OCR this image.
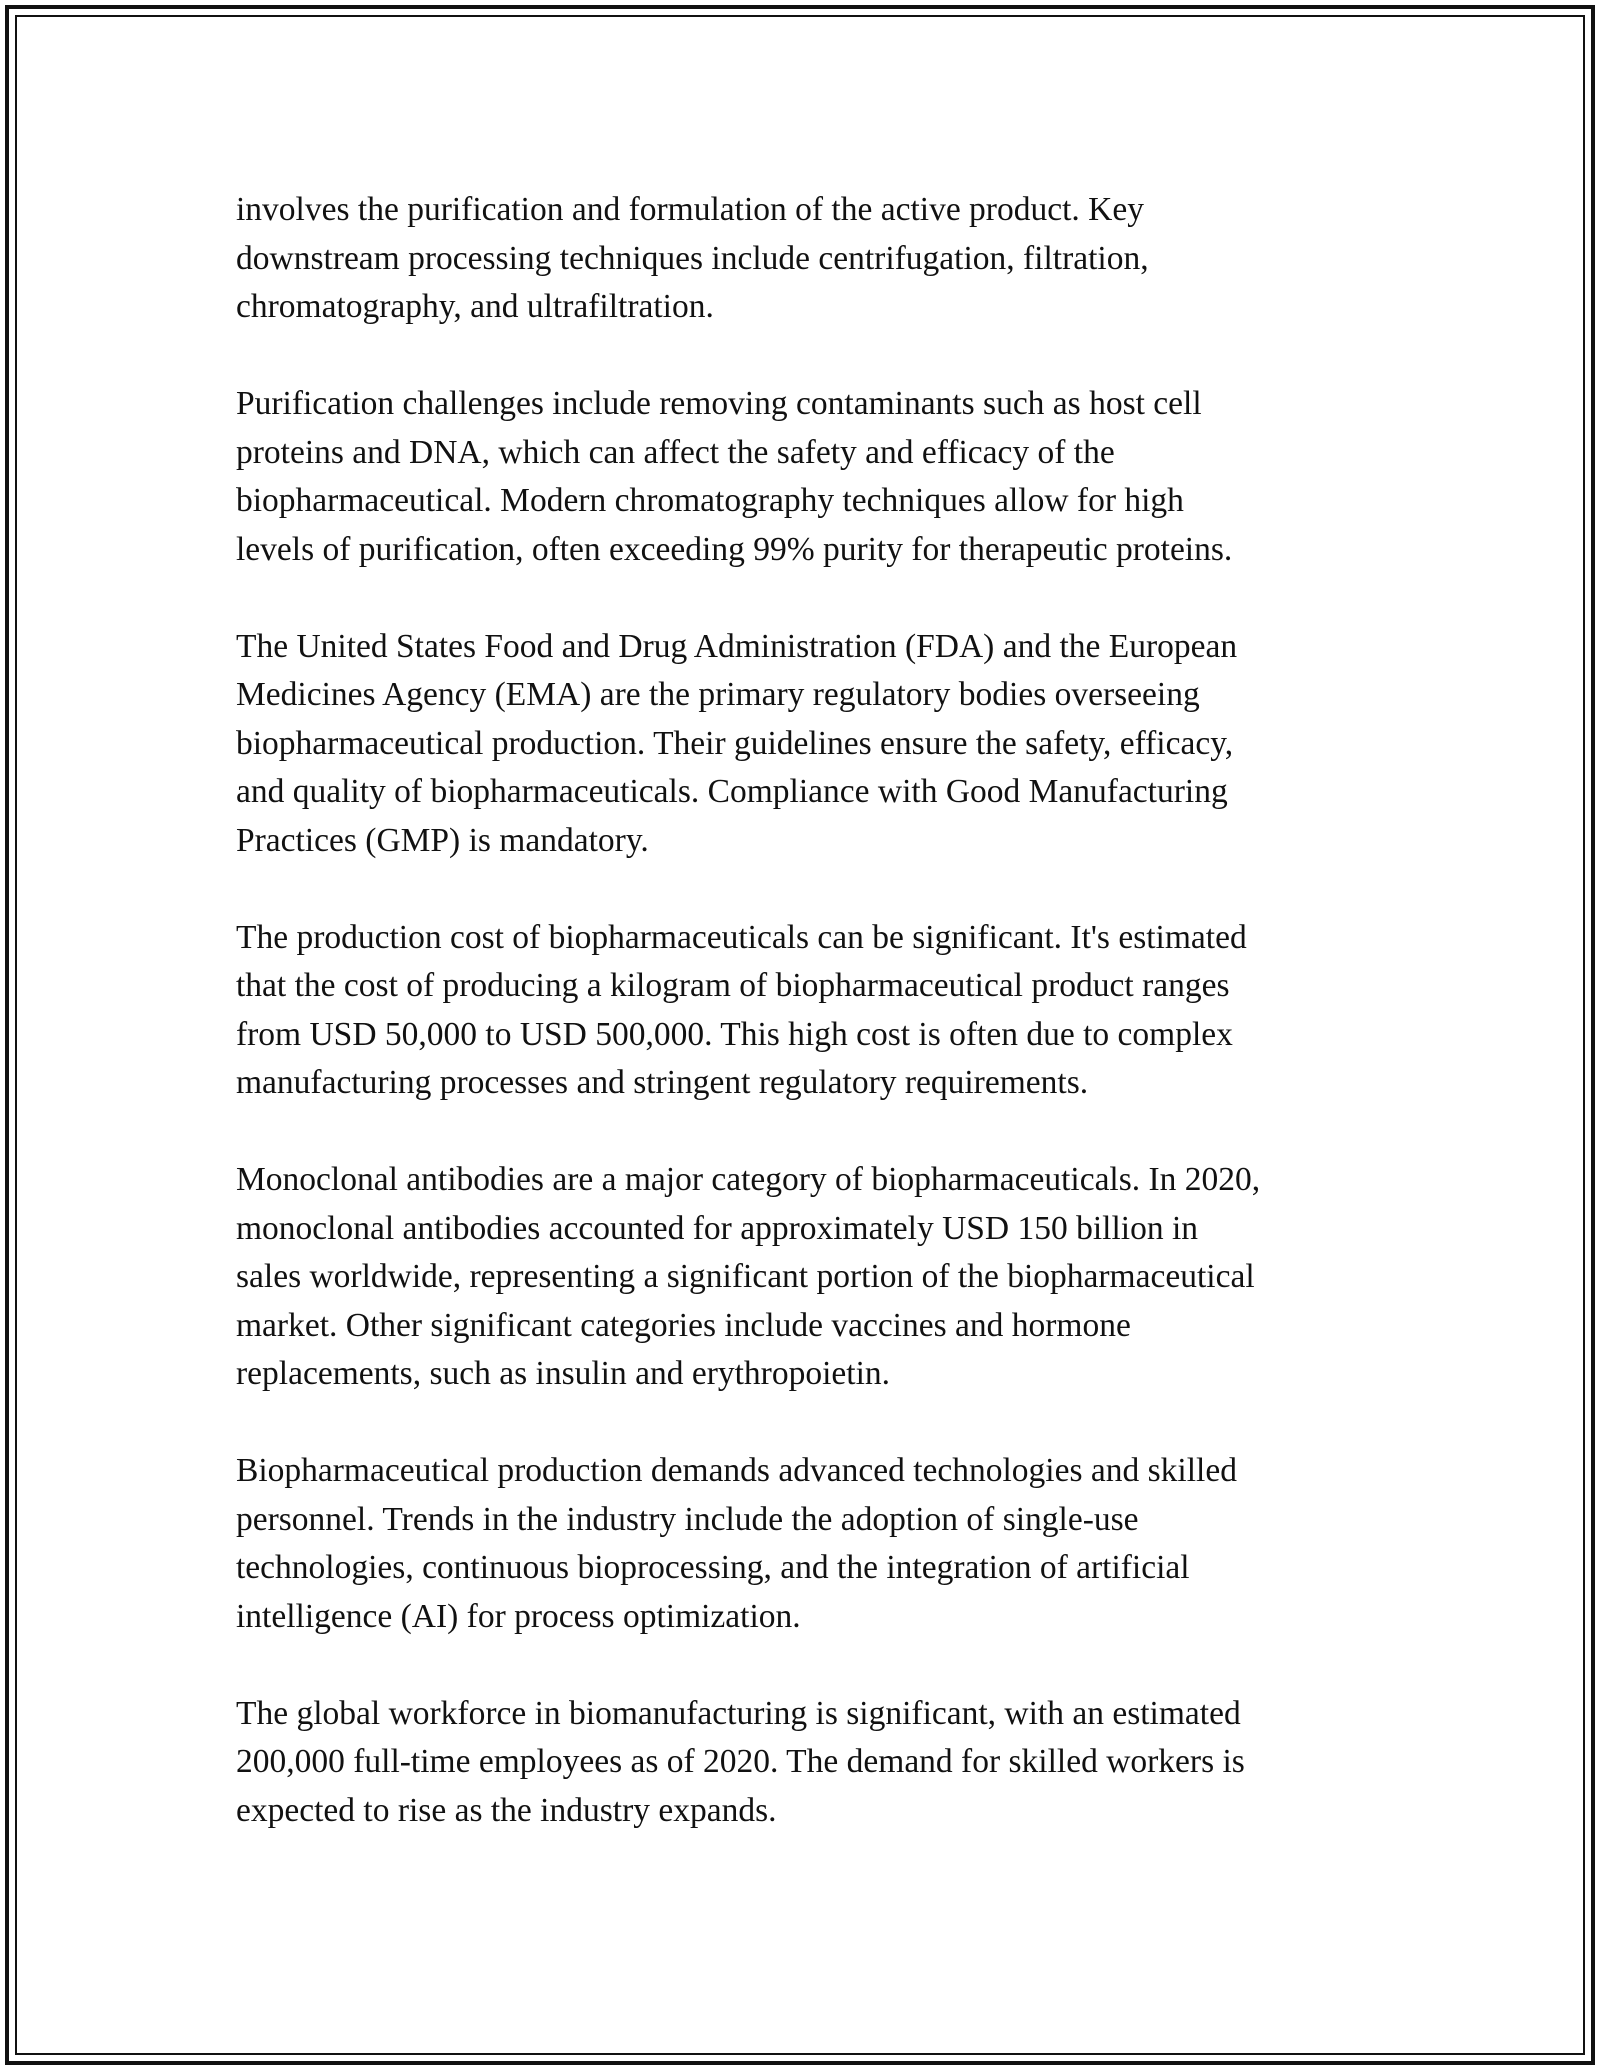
involves the purification and formulation of the active product. Key
downstream processing techniques include centrifugation, filtration,
chromatography, and ultrafiltration.

Purification challenges include removing contaminants such as host cell
proteins and DNA, which can affect the safety and efficacy of the
biopharmaceutical. Modern chromatography techniques allow for high
levels of purification, often exceeding 99% purity for therapeutic proteins.

The United States Food and Drug Administration (FDA) and the European
Medicines Agency (EMA) are the primary regulatory bodies overseeing
biopharmaceutical production. Their guidelines ensure the safety, efficacy,
and quality of biopharmaceuticals. Compliance with Good Manufacturing
Practices (GMP) is mandatory.

The production cost of biopharmaceuticals can be significant. It's estimated
that the cost of producing a kilogram of biopharmaceutical product ranges
from USD 50,000 to USD 500,000. This high cost is often due to complex
manufacturing processes and stringent regulatory requirements.

Monoclonal antibodies are a major category of biopharmaceuticals. In 2020,
monoclonal antibodies accounted for approximately USD 150 billion in
sales worldwide, representing a significant portion of the biopharmaceutical
market. Other significant categories include vaccines and hormone
replacements, such as insulin and erythropoietin.

Biopharmaceutical production demands advanced technologies and skilled
personnel. Trends in the industry include the adoption of single-use
technologies, continuous bioprocessing, and the integration of artificial
intelligence (AI) for process optimization.

The global workforce in biomanufacturing is significant, with an estimated
200,000 full-time employees as of 2020. The demand for skilled workers is
expected to rise as the industry expands.
